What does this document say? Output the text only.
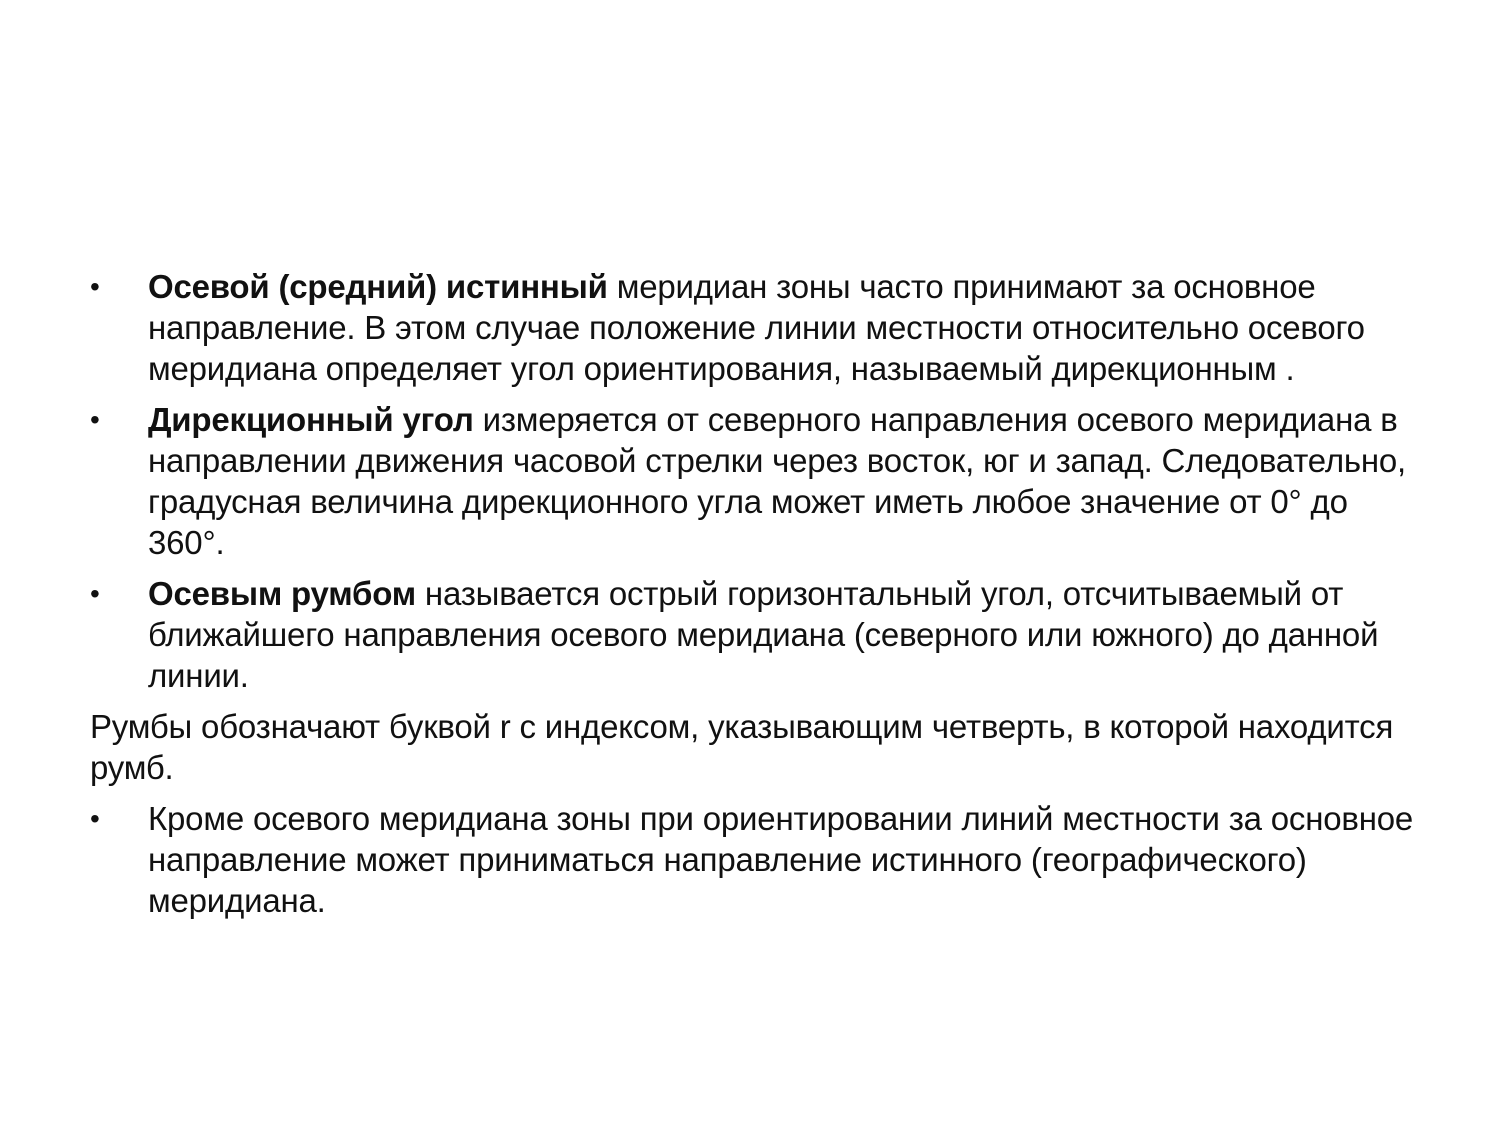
•	Осевой (средний) истинный меридиан зоны часто принимают за основное направление. В этом случае положение линии местности относительно осевого меридиана определяет угол ориентирования, называемый дирекционным .
•	Дирекционный угол измеряется от северного направления осевого меридиана в направлении движения часовой стрелки через восток, юг и запад. Следовательно, градусная величина дирекционного угла может иметь любое значение от 0° до 360°.
•	Осевым румбом называется острый горизонтальный угол, отсчитываемый от ближайшего направления осевого меридиана (северного или южного) до данной линии.
Румбы обозначают буквой r с индексом, указывающим четверть, в которой находится румб.
•	Кроме осевого меридиана зоны при ориентировании линий местности за основное направление может приниматься направление истинного (географического) меридиана.
